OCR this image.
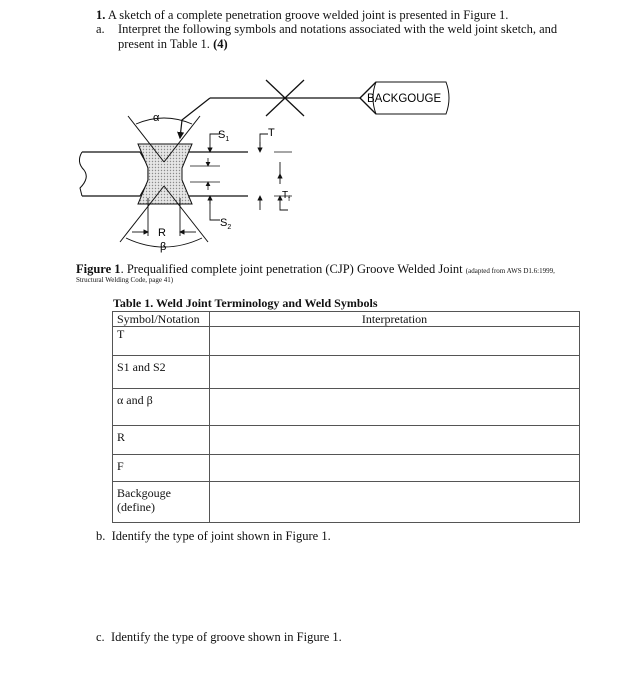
1. A sketch of a complete penetration groove welded joint is presented in Figure 1.
a. Interpret the following symbols and notations associated with the weld joint sketch, and present in Table 1. (4)
BACKGOUGE
α
β
R
$S_1$
$S_2$
T
$T_f$
Figure 1. Prequalified complete joint penetration (CJP) Groove Welded Joint (adapted from AWS D1.6:1999,
Structural Welding Code, page 41)
Table 1. Weld Joint Terminology and Weld Symbols
Symbol/Notation	Interpretation
T	
S1 and S2	
α and β	
R	
F	
Backgouge (define)	
b. Identify the type of joint shown in Figure 1.
c. Identify the type of groove shown in Figure 1.
